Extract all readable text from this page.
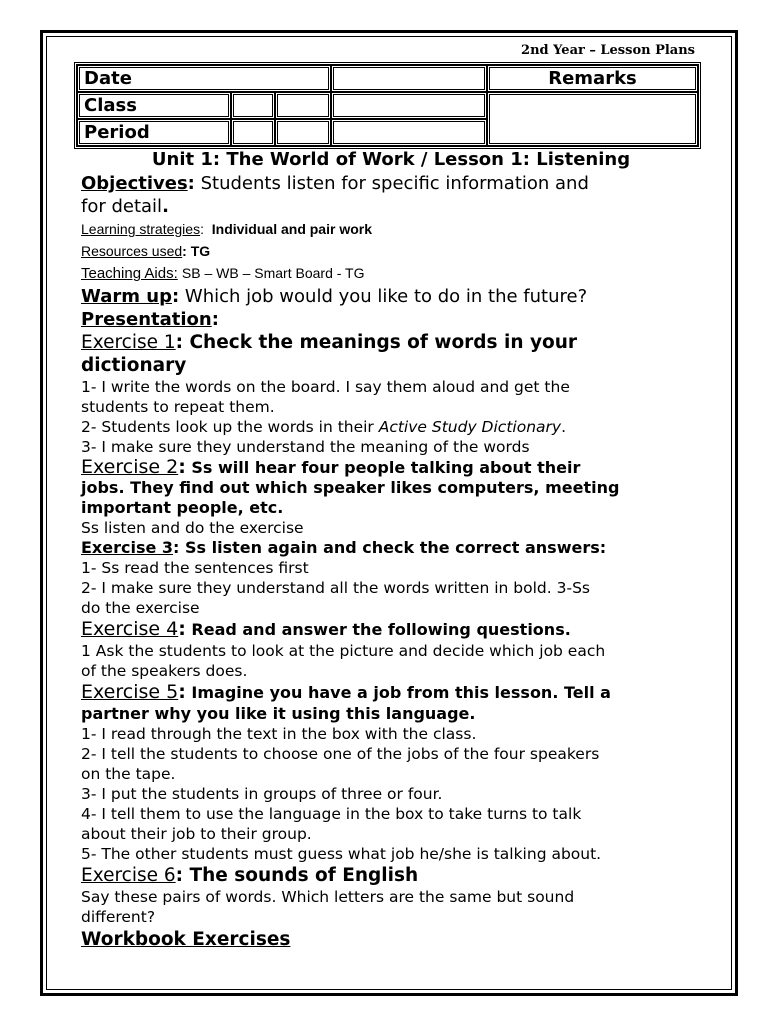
2nd Year – Lesson Plans
Date				Remarks
Class				
Period				
Unit 1: The World of Work / Lesson 1: Listening
Objectives: Students listen for specific information and
for detail.
Learning strategies:  Individual and pair work
Resources used: TG
Teaching Aids: SB – WB – Smart Board - TG
Warm up: Which job would you like to do in the future?
Presentation:
Exercise 1: Check the meanings of words in your
dictionary
1- I write the words on the board. I say them aloud and get the
students to repeat them.
2- Students look up the words in their Active Study Dictionary.
3- I make sure they understand the meaning of the words
Exercise 2: Ss will hear four people talking about their
jobs. They find out which speaker likes computers, meeting
important people, etc.
Ss listen and do the exercise
Exercise 3: Ss listen again and check the correct answers:
1- Ss read the sentences first
2- I make sure they understand all the words written in bold. 3-Ss
do the exercise
Exercise 4: Read and answer the following questions.
1 Ask the students to look at the picture and decide which job each
of the speakers does.
Exercise 5: Imagine you have a job from this lesson. Tell a
partner why you like it using this language.
1- I read through the text in the box with the class.
2- I tell the students to choose one of the jobs of the four speakers
on the tape.
3- I put the students in groups of three or four.
4- I tell them to use the language in the box to take turns to talk
about their job to their group.
5- The other students must guess what job he/she is talking about.
Exercise 6: The sounds of English
Say these pairs of words. Which letters are the same but sound
different?
Workbook Exercises
